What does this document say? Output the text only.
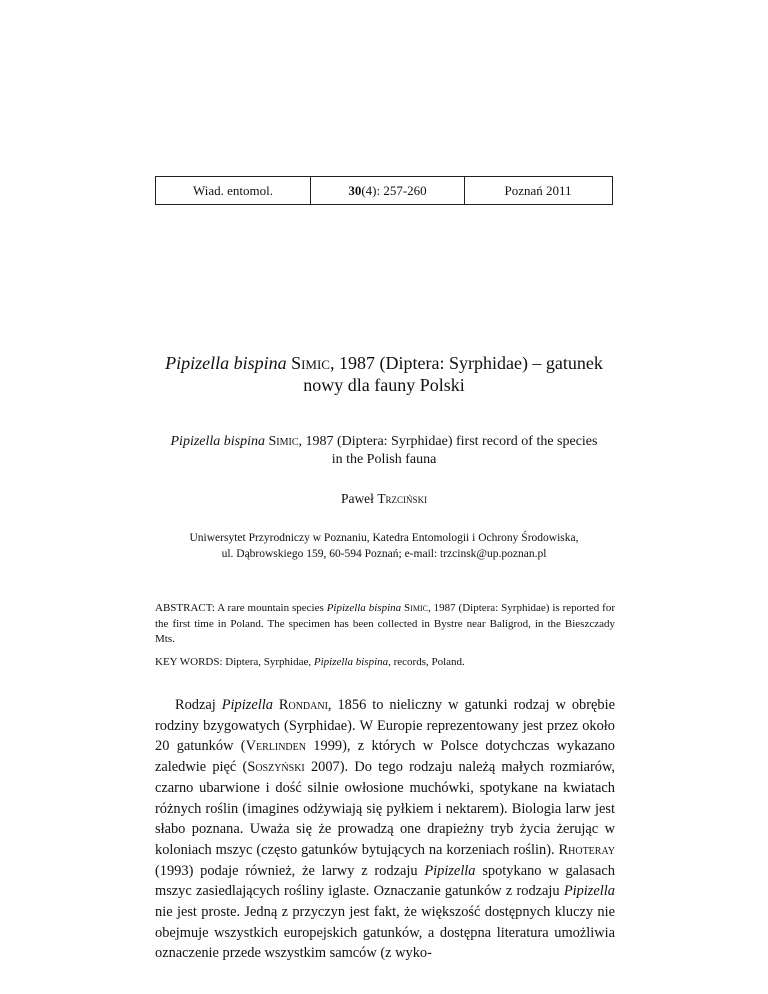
Wiad. entomol.	30 (4): 257-260	Poznań 2011
Pipizella bispina Simic, 1987 (Diptera: Syrphidae) – gatunek
nowy dla fauny Polski
Pipizella bispina Simic, 1987 (Diptera: Syrphidae) first record of the species
in the Polish fauna
Paweł Trzciński
Uniwersytet Przyrodniczy w Poznaniu, Katedra Entomologii i Ochrony Środowiska,
ul. Dąbrowskiego 159, 60-594 Poznań; e-mail: trzcinsk@up.poznan.pl

ABSTRACT: A rare mountain species Pipizella bispina Simic, 1987 (Diptera: Syrphidae) is reported for the first time in Poland. The specimen has been collected in Bystre near Baligrod, in the Bieszczady Mts.

KEY WORDS: Diptera, Syrphidae, Pipizella bispina, records, Poland.

Rodzaj Pipizella Rondani, 1856 to nieliczny w gatunki rodzaj w obrębie rodziny bzygowatych (Syrphidae). W Europie reprezentowany jest przez około 20 gatunków (Verlinden 1999), z których w Polsce dotychczas wykazano zaledwie pięć (Soszyński 2007). Do tego rodzaju należą małych rozmiarów, czarno ubarwione i dość silnie owłosione muchówki, spotykane na kwiatach różnych roślin (imagines odżywiają się pyłkiem i nektarem). Biologia larw jest słabo poznana. Uważa się że prowadzą one drapieżny tryb życia żerując w koloniach mszyc (często gatunków bytujących na korzeniach roślin). Rhoteray (1993) podaje również, że larwy z rodzaju Pipizella spotykano w galasach mszyc zasiedlających rośliny iglaste. Oznaczanie gatunków z rodzaju Pipizella nie jest proste. Jedną z przyczyn jest fakt, że większość dostępnych kluczy nie obejmuje wszystkich europejskich gatunków, a dostępna literatura umożliwia oznaczenie przede wszystkim samców (z wyko-
